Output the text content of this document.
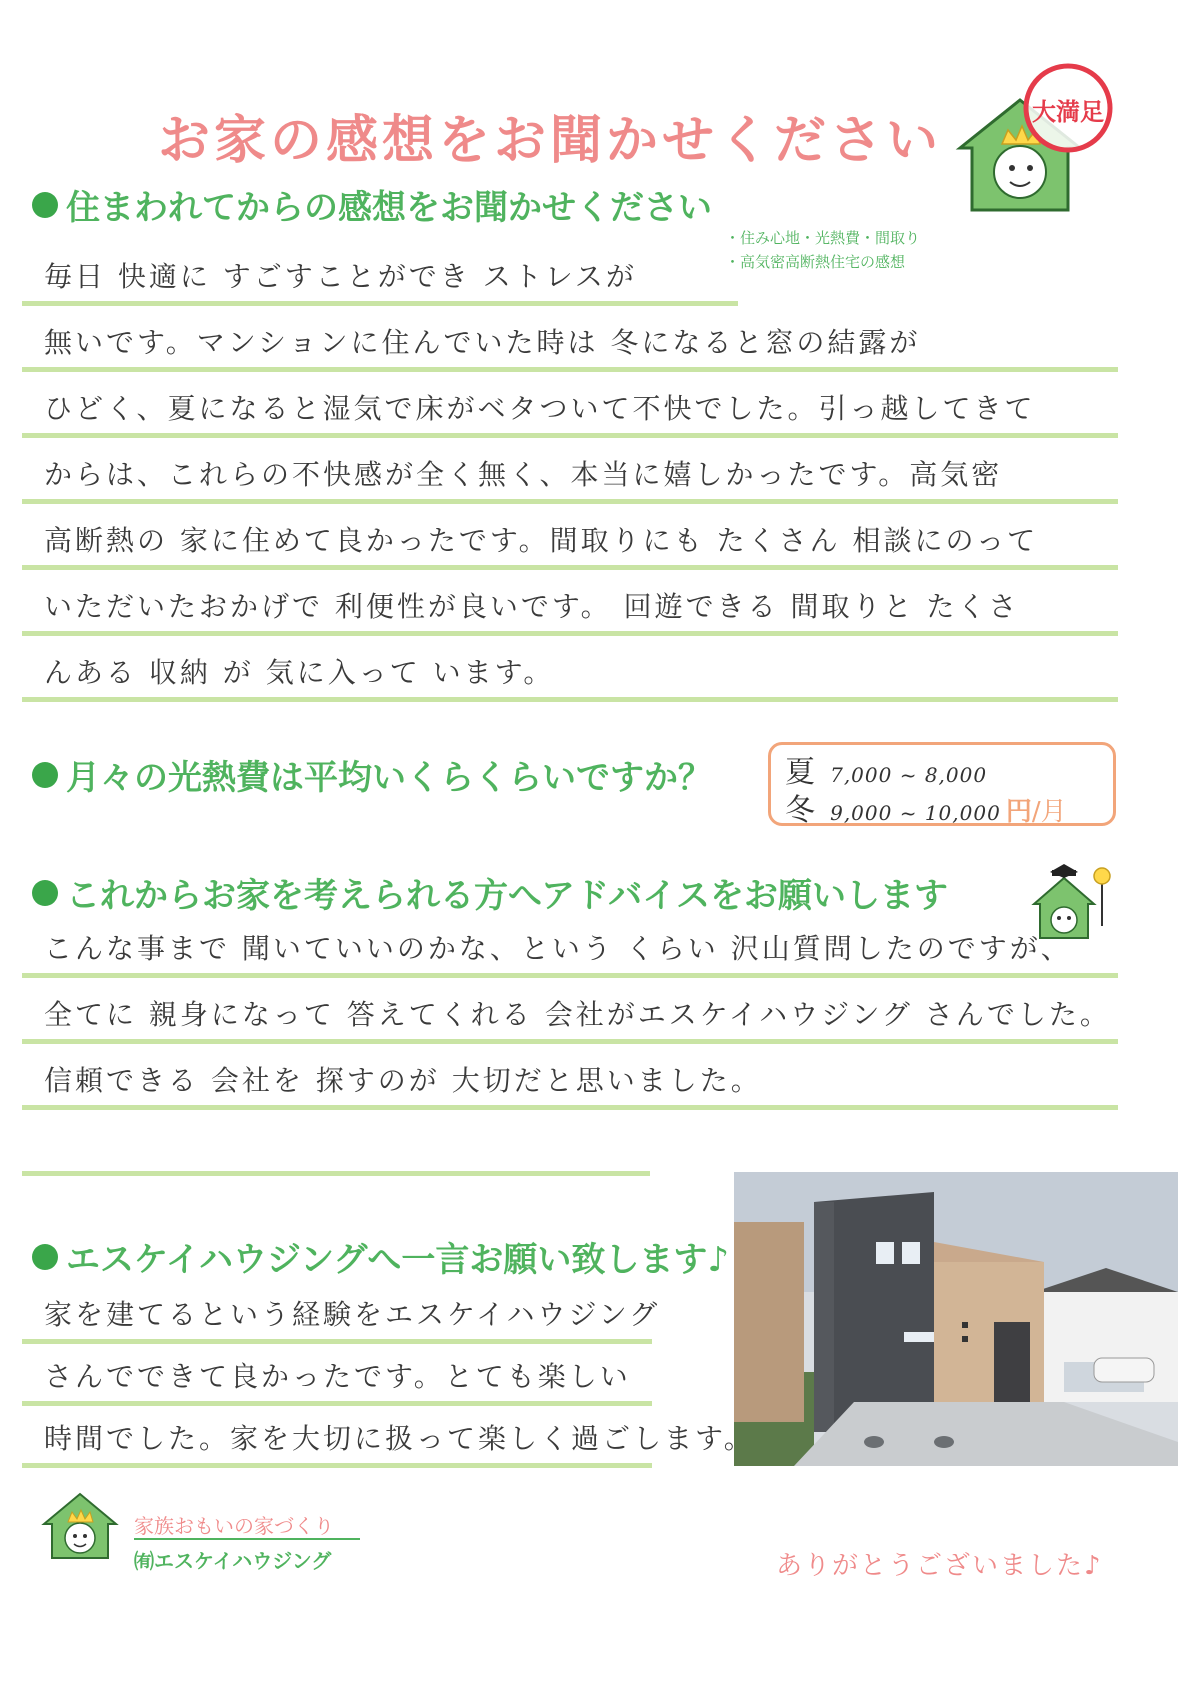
お家の感想をお聞かせください	大満足
住まわれてからの感想をお聞かせください
・住み心地・光熱費・間取り
・高気密高断熱住宅の感想
毎日 快適に すごすことができ ストレスが
無いです。マンションに住んでいた時は 冬になると窓の結露が
ひどく、夏になると湿気で床がベタついて不快でした。引っ越してきて
からは、これらの不快感が全く無く、本当に嬉しかったです。高気密
高断熱の 家に住めて良かったです。間取りにも たくさん 相談にのって
いただいたおかげで 利便性が良いです。 回遊できる 間取りと たくさ
んある 収納 が 気に入って います。
月々の光熱費は平均いくらくらいですか？ 夏 7,000 ~ 8,000
冬 9,000 ~ 10,000 円/月
これからお家を考えられる方へアドバイスをお願いします
こんな事まで 聞いていいのかな、という くらい 沢山質問したのですが、
全てに 親身になって 答えてくれる 会社がエスケイハウジング さんでした。
信頼できる 会社を 探すのが 大切だと思いました。
エスケイハウジングへ一言お願い致します♪
家を建てるという経験をエスケイハウジング
さんでできて良かったです。とても楽しい
時間でした。家を大切に扱って楽しく過ごします。
家族おもいの家づくり
㈲エスケイハウジング	ありがとうございました♪
